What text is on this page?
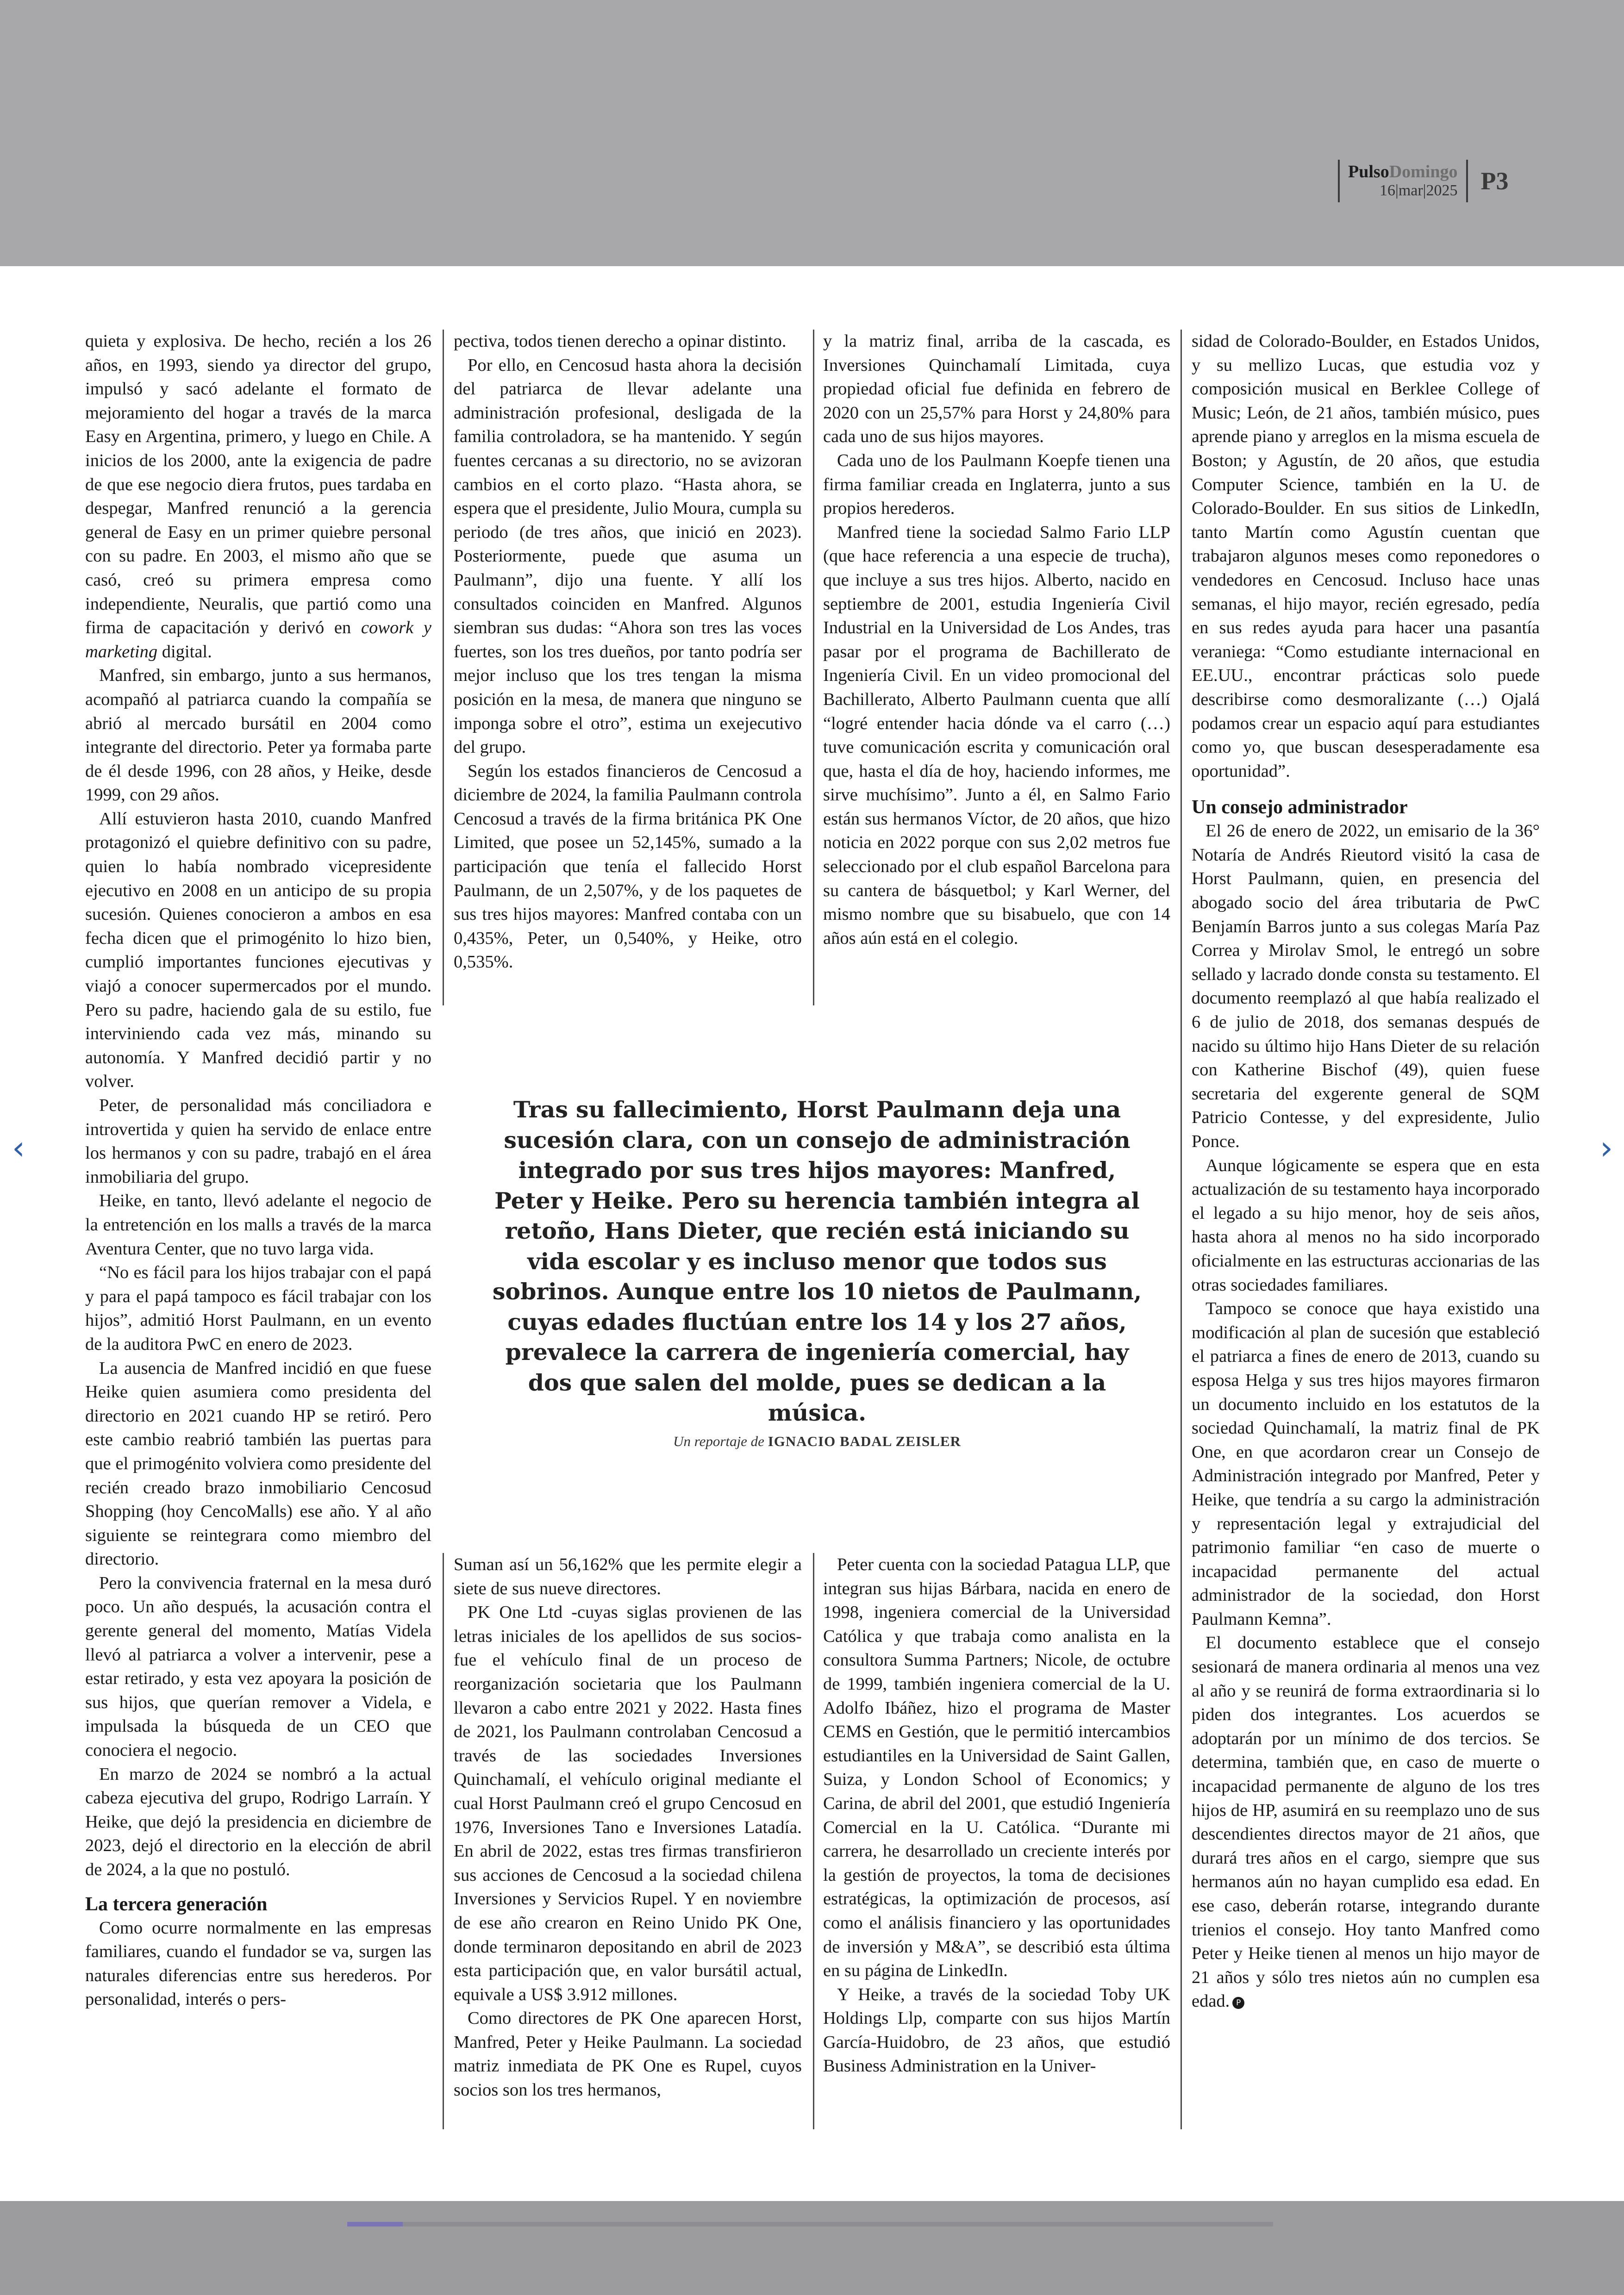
PulsoDomingo
16|mar|2025 P3

quieta y explosiva. De hecho, recién a los 26 años, en 1993, siendo ya director del grupo, impulsó y sacó adelante el formato de mejoramiento del hogar a través de la marca Easy en Argentina, primero, y luego en Chile. A inicios de los 2000, ante la exigencia de padre de que ese negocio diera frutos, pues tardaba en despegar, Manfred renunció a la gerencia general de Easy en un primer quiebre personal con su padre. En 2003, el mismo año que se casó, creó su primera empresa como independiente, Neuralis, que partió como una firma de capacitación y derivó en cowork y marketing digital.

Manfred, sin embargo, junto a sus hermanos, acompañó al patriarca cuando la compañía se abrió al mercado bursátil en 2004 como integrante del directorio. Peter ya formaba parte de él desde 1996, con 28 años, y Heike, desde 1999, con 29 años.

Allí estuvieron hasta 2010, cuando Manfred protagonizó el quiebre definitivo con su padre, quien lo había nombrado vicepresidente ejecutivo en 2008 en un anticipo de su propia sucesión. Quienes conocieron a ambos en esa fecha dicen que el primogénito lo hizo bien, cumplió importantes funciones ejecutivas y viajó a conocer supermercados por el mundo. Pero su padre, haciendo gala de su estilo, fue interviniendo cada vez más, minando su autonomía. Y Manfred decidió partir y no volver.

Peter, de personalidad más conciliadora e introvertida y quien ha servido de enlace entre los hermanos y con su padre, trabajó en el área inmobiliaria del grupo.

Heike, en tanto, llevó adelante el negocio de la entretención en los malls a través de la marca Aventura Center, que no tuvo larga vida.

“No es fácil para los hijos trabajar con el papá y para el papá tampoco es fácil trabajar con los hijos”, admitió Horst Paulmann, en un evento de la auditora PwC en enero de 2023.

La ausencia de Manfred incidió en que fuese Heike quien asumiera como presidenta del directorio en 2021 cuando HP se retiró. Pero este cambio reabrió también las puertas para que el primogénito volviera como presidente del recién creado brazo inmobiliario Cencosud Shopping (hoy CencoMalls) ese año. Y al año siguiente se reintegrara como miembro del directorio.

Pero la convivencia fraternal en la mesa duró poco. Un año después, la acusación contra el gerente general del momento, Matías Videla llevó al patriarca a volver a intervenir, pese a estar retirado, y esta vez apoyara la posición de sus hijos, que querían remover a Videla, e impulsada la búsqueda de un CEO que conociera el negocio.

En marzo de 2024 se nombró a la actual cabeza ejecutiva del grupo, Rodrigo Larraín. Y Heike, que dejó la presidencia en diciembre de 2023, dejó el directorio en la elección de abril de 2024, a la que no postuló.

La tercera generación

Como ocurre normalmente en las empresas familiares, cuando el fundador se va, surgen las naturales diferencias entre sus herederos. Por personalidad, interés o pers-

pectiva, todos tienen derecho a opinar distinto.

Por ello, en Cencosud hasta ahora la decisión del patriarca de llevar adelante una administración profesional, desligada de la familia controladora, se ha mantenido. Y según fuentes cercanas a su directorio, no se avizoran cambios en el corto plazo. “Hasta ahora, se espera que el presidente, Julio Moura, cumpla su periodo (de tres años, que inició en 2023). Posteriormente, puede que asuma un Paulmann”, dijo una fuente. Y allí los consultados coinciden en Manfred. Algunos siembran sus dudas: “Ahora son tres las voces fuertes, son los tres dueños, por tanto podría ser mejor incluso que los tres tengan la misma posición en la mesa, de manera que ninguno se imponga sobre el otro”, estima un exejecutivo del grupo.

Según los estados financieros de Cencosud a diciembre de 2024, la familia Paulmann controla Cencosud a través de la firma británica PK One Limited, que posee un 52,145%, sumado a la participación que tenía el fallecido Horst Paulmann, de un 2,507%, y de los paquetes de sus tres hijos mayores: Manfred contaba con un 0,435%, Peter, un 0,540%, y Heike, otro 0,535%.

y la matriz final, arriba de la cascada, es Inversiones Quinchamalí Limitada, cuya propiedad oficial fue definida en febrero de 2020 con un 25,57% para Horst y 24,80% para cada uno de sus hijos mayores.

Cada uno de los Paulmann Koepfe tienen una firma familiar creada en Inglaterra, junto a sus propios herederos.

Manfred tiene la sociedad Salmo Fario LLP (que hace referencia a una especie de trucha), que incluye a sus tres hijos. Alberto, nacido en septiembre de 2001, estudia Ingeniería Civil Industrial en la Universidad de Los Andes, tras pasar por el programa de Bachillerato de Ingeniería Civil. En un video promocional del Bachillerato, Alberto Paulmann cuenta que allí “logré entender hacia dónde va el carro (…) tuve comunicación escrita y comunicación oral que, hasta el día de hoy, haciendo informes, me sirve muchísimo”. Junto a él, en Salmo Fario están sus hermanos Víctor, de 20 años, que hizo noticia en 2022 porque con sus 2,02 metros fue seleccionado por el club español Barcelona para su cantera de básquetbol; y Karl Werner, del mismo nombre que su bisabuelo, que con 14 años aún está en el colegio.

sidad de Colorado-Boulder, en Estados Unidos, y su mellizo Lucas, que estudia voz y composición musical en Berklee College of Music; León, de 21 años, también músico, pues aprende piano y arreglos en la misma escuela de Boston; y Agustín, de 20 años, que estudia Computer Science, también en la U. de Colorado-Boulder. En sus sitios de LinkedIn, tanto Martín como Agustín cuentan que trabajaron algunos meses como reponedores o vendedores en Cencosud. Incluso hace unas semanas, el hijo mayor, recién egresado, pedía en sus redes ayuda para hacer una pasantía veraniega: “Como estudiante internacional en EE.UU., encontrar prácticas solo puede describirse como desmoralizante (…) Ojalá podamos crear un espacio aquí para estudiantes como yo, que buscan desesperadamente esa oportunidad”.

Un consejo administrador

El 26 de enero de 2022, un emisario de la 36° Notaría de Andrés Rieutord visitó la casa de Horst Paulmann, quien, en presencia del abogado socio del área tributaria de PwC Benjamín Barros junto a sus colegas María Paz Correa y Mirolav Smol, le entregó un sobre sellado y lacrado donde consta su testamento. El documento reemplazó al que había realizado el 6 de julio de 2018, dos semanas después de nacido su último hijo Hans Dieter de su relación con Katherine Bischof (49), quien fuese secretaria del exgerente general de SQM Patricio Contesse, y del expresidente, Julio Ponce.

Aunque lógicamente se espera que en esta actualización de su testamento haya incorporado el legado a su hijo menor, hoy de seis años, hasta ahora al menos no ha sido incorporado oficialmente en las estructuras accionarias de las otras sociedades familiares.

Tampoco se conoce que haya existido una modificación al plan de sucesión que estableció el patriarca a fines de enero de 2013, cuando su esposa Helga y sus tres hijos mayores firmaron un documento incluido en los estatutos de la sociedad Quinchamalí, la matriz final de PK One, en que acordaron crear un Consejo de Administración integrado por Manfred, Peter y Heike, que tendría a su cargo la administración y representación legal y extrajudicial del patrimonio familiar “en caso de muerte o incapacidad permanente del actual administrador de la sociedad, don Horst Paulmann Kemna”.

El documento establece que el consejo sesionará de manera ordinaria al menos una vez al año y se reunirá de forma extraordinaria si lo piden dos integrantes. Los acuerdos se adoptarán por un mínimo de dos tercios. Se determina, también que, en caso de muerte o incapacidad permanente de alguno de los tres hijos de HP, asumirá en su reemplazo uno de sus descendientes directos mayor de 21 años, que durará tres años en el cargo, siempre que sus hermanos aún no hayan cumplido esa edad. En ese caso, deberán rotarse, integrando durante trienios el consejo. Hoy tanto Manfred como Peter y Heike tienen al menos un hijo mayor de 21 años y sólo tres nietos aún no cumplen esa edad. P

Tras su fallecimiento, Horst Paulmann deja una sucesión clara, con un consejo de administración integrado por sus tres hijos mayores: Manfred, Peter y Heike. Pero su herencia también integra al retoño, Hans Dieter, que recién está iniciando su vida escolar y es incluso menor que todos sus sobrinos. Aunque entre los 10 nietos de Paulmann, cuyas edades fluctúan entre los 14 y los 27 años, prevalece la carrera de ingeniería comercial, hay dos que salen del molde, pues se dedican a la música.
Un reportaje de IGNACIO BADAL ZEISLER

Suman así un 56,162% que les permite elegir a siete de sus nueve directores.

PK One Ltd -cuyas siglas provienen de las letras iniciales de los apellidos de sus socios- fue el vehículo final de un proceso de reorganización societaria que los Paulmann llevaron a cabo entre 2021 y 2022. Hasta fines de 2021, los Paulmann controlaban Cencosud a través de las sociedades Inversiones Quinchamalí, el vehículo original mediante el cual Horst Paulmann creó el grupo Cencosud en 1976, Inversiones Tano e Inversiones Latadía. En abril de 2022, estas tres firmas transfirieron sus acciones de Cencosud a la sociedad chilena Inversiones y Servicios Rupel. Y en noviembre de ese año crearon en Reino Unido PK One, donde terminaron depositando en abril de 2023 esta participación que, en valor bursátil actual, equivale a US$ 3.912 millones.

Como directores de PK One aparecen Horst, Manfred, Peter y Heike Paulmann. La sociedad matriz inmediata de PK One es Rupel, cuyos socios son los tres hermanos,

Peter cuenta con la sociedad Patagua LLP, que integran sus hijas Bárbara, nacida en enero de 1998, ingeniera comercial de la Universidad Católica y que trabaja como analista en la consultora Summa Partners; Nicole, de octubre de 1999, también ingeniera comercial de la U. Adolfo Ibáñez, hizo el programa de Master CEMS en Gestión, que le permitió intercambios estudiantiles en la Universidad de Saint Gallen, Suiza, y London School of Economics; y Carina, de abril del 2001, que estudió Ingeniería Comercial en la U. Católica. “Durante mi carrera, he desarrollado un creciente interés por la gestión de proyectos, la toma de decisiones estratégicas, la optimización de procesos, así como el análisis financiero y las oportunidades de inversión y M&A”, se describió esta última en su página de LinkedIn.

Y Heike, a través de la sociedad Toby UK Holdings Llp, comparte con sus hijos Martín García-Huidobro, de 23 años, que estudió Business Administration en la Univer-

‹	›
